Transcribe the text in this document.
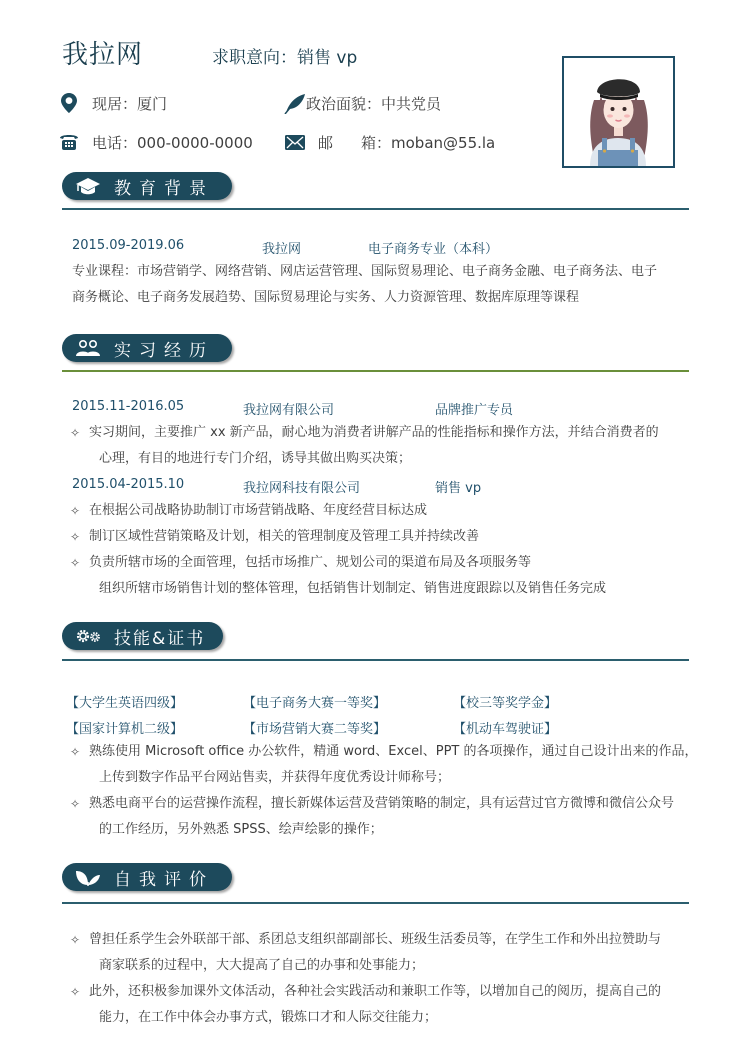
我拉网	求职意向：销售 vp
现居：厦门	政治面貌：中共党员
电话：000-0000-0000	邮 箱：moban@55.la
教育背景
2015.09-2019.06	我拉网	电子商务专业（本科）
专业课程：市场营销学、网络营销、网店运营管理、国际贸易理论、电子商务金融、电子商务法、电子
商务概论、电子商务发展趋势、国际贸易理论与实务、人力资源管理、数据库原理等课程
实习经历
2015.11-2016.05	我拉网有限公司	品牌推广专员
✧ 实习期间，主要推广 xx 新产品，耐心地为消费者讲解产品的性能指标和操作方法，并结合消费者的
心理，有目的地进行专门介绍，诱导其做出购买决策；
2015.04-2015.10	我拉网科技有限公司	销售 vp
✧ 在根据公司战略协助制订市场营销战略、年度经营目标达成
✧ 制订区域性营销策略及计划，相关的管理制度及管理工具并持续改善
✧ 负责所辖市场的全面管理，包括市场推广、规划公司的渠道布局及各项服务等
组织所辖市场销售计划的整体管理，包括销售计划制定、销售进度跟踪以及销售任务完成
技能&证书
【大学生英语四级】	【电子商务大赛一等奖】	【校三等奖学金】
【国家计算机二级】	【市场营销大赛二等奖】	【机动车驾驶证】
✧ 熟练使用 Microsoft office 办公软件，精通 word、Excel、PPT 的各项操作，通过自己设计出来的作品，
上传到数字作品平台网站售卖，并获得年度优秀设计师称号；
✧ 熟悉电商平台的运营操作流程，擅长新媒体运营及营销策略的制定，具有运营过官方微博和微信公众号
的工作经历，另外熟悉 SPSS、绘声绘影的操作；
自我评价
✧ 曾担任系学生会外联部干部、系团总支组织部副部长、班级生活委员等，在学生工作和外出拉赞助与
商家联系的过程中，大大提高了自己的办事和处事能力；
✧ 此外，还积极参加课外文体活动，各种社会实践活动和兼职工作等，以增加自己的阅历，提高自己的
能力，在工作中体会办事方式，锻炼口才和人际交往能力；
